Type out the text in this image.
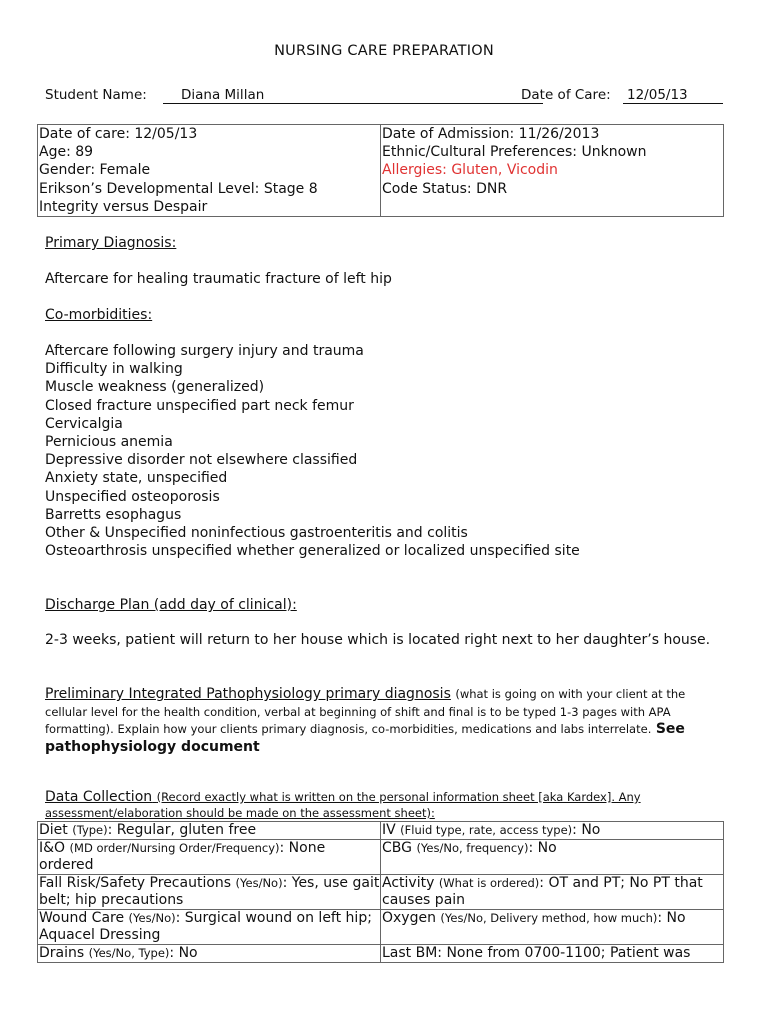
NURSING CARE PREPARATION
Student Name:	Diana Millan	Date of Care: 12/05/13
Date of care: 12/05/13
Age: 89
Gender: Female
Erikson’s Developmental Level: Stage 8
Integrity versus Despair

Date of Admission: 11/26/2013
Ethnic/Cultural Preferences: Unknown
Allergies: Gluten, Vicodin
Code Status: DNR
Primary Diagnosis:
Aftercare for healing traumatic fracture of left hip
Co-morbidities:
Aftercare following surgery injury and trauma
Difficulty in walking
Muscle weakness (generalized)
Closed fracture unspecified part neck femur
Cervicalgia
Pernicious anemia
Depressive disorder not elsewhere classified
Anxiety state, unspecified
Unspecified osteoporosis
Barretts esophagus
Other & Unspecified noninfectious gastroenteritis and colitis
Osteoarthrosis unspecified whether generalized or localized unspecified site
Discharge Plan (add day of clinical):
2-3 weeks, patient will return to her house which is located right next to her daughter’s house.
Preliminary Integrated Pathophysiology primary diagnosis (what is going on with your client at the cellular level for the health condition, verbal at beginning of shift and final is to be typed 1-3 pages with APA formatting). Explain how your clients primary diagnosis, co-morbidities, medications and labs interrelate. See pathophysiology document
Data Collection (Record exactly what is written on the personal information sheet [aka Kardex]. Any assessment/elaboration should be made on the assessment sheet):
Diet (Type): Regular, gluten free	IV (Fluid type, rate, access type): No
I&O (MD order/Nursing Order/Frequency): None ordered	CBG (Yes/No, frequency): No
Fall Risk/Safety Precautions (Yes/No): Yes, use gait belt; hip precautions	Activity (What is ordered): OT and PT; No PT that causes pain
Wound Care (Yes/No): Surgical wound on left hip; Aquacel Dressing	Oxygen (Yes/No, Delivery method, how much): No
Drains (Yes/No, Type): No	Last BM: None from 0700-1100; Patient was
